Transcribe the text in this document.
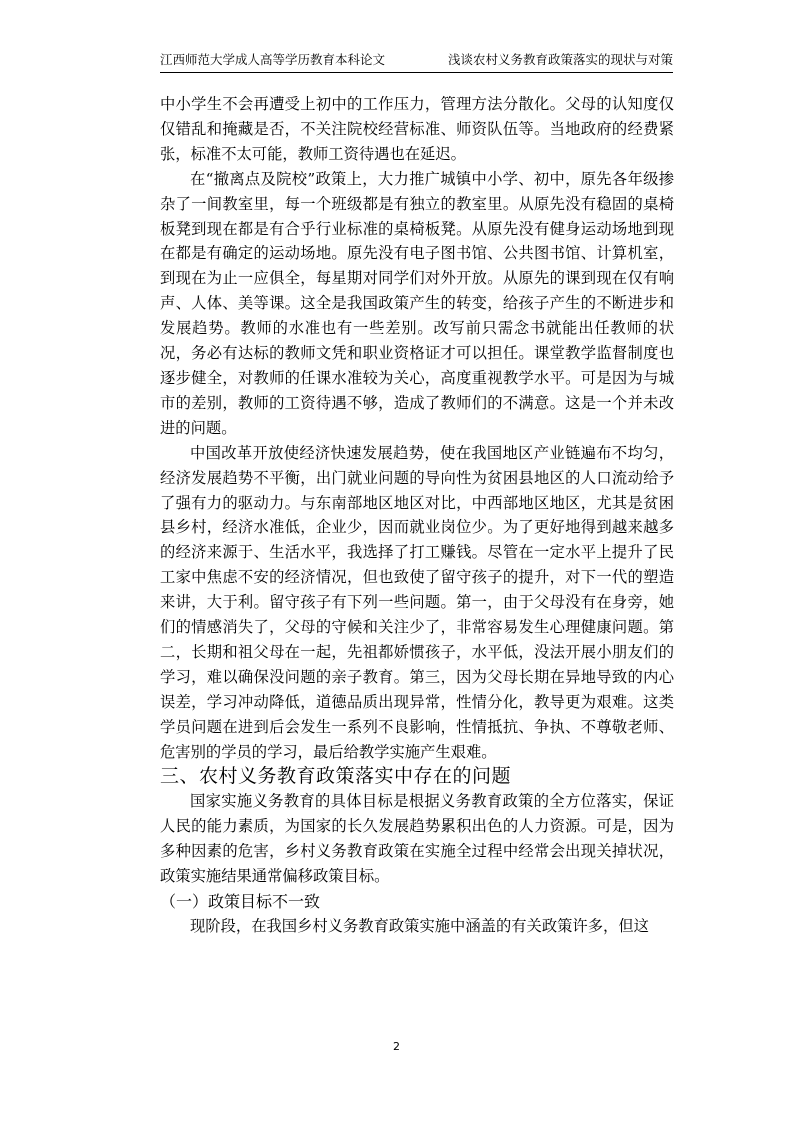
江西师范大学成人高等学历教育本科论文	浅谈农村义务教育政策落实的现状与对策

中小学生不会再遭受上初中的工作压力，管理方法分散化。父母的认知度仅仅错乱和掩藏是否，不关注院校经营标准、师资队伍等。当地政府的经费紧张，标准不太可能，教师工资待遇也在延迟。

在“撤离点及院校”政策上，大力推广城镇中小学、初中，原先各年级掺杂了一间教室里，每一个班级都是有独立的教室里。从原先没有稳固的桌椅板凳到现在都是有合乎行业标准的桌椅板凳。从原先没有健身运动场地到现在都是有确定的运动场地。原先没有电子图书馆、公共图书馆、计算机室，到现在为止一应俱全，每星期对同学们对外开放。从原先的课到现在仅有响声、人体、美等课。这全是我国政策产生的转变，给孩子产生的不断进步和发展趋势。教师的水准也有一些差别。改写前只需念书就能出任教师的状况，务必有达标的教师文凭和职业资格证才可以担任。课堂教学监督制度也逐步健全，对教师的任课水准较为关心，高度重视教学水平。可是因为与城市的差别，教师的工资待遇不够，造成了教师们的不满意。这是一个并未改进的问题。

中国改革开放使经济快速发展趋势，使在我国地区产业链遍布不均匀，经济发展趋势不平衡，出门就业问题的导向性为贫困县地区的人口流动给予了强有力的驱动力。与东南部地区地区对比，中西部地区地区，尤其是贫困县乡村，经济水准低，企业少，因而就业岗位少。为了更好地得到越来越多的经济来源于、生活水平，我选择了打工赚钱。尽管在一定水平上提升了民工家中焦虑不安的经济情况，但也致使了留守孩子的提升，对下一代的塑造来讲，大于利。留守孩子有下列一些问题。第一，由于父母没有在身旁，她们的情感消失了，父母的守候和关注少了，非常容易发生心理健康问题。第二，长期和祖父母在一起，先祖都娇惯孩子，水平低，没法开展小朋友们的学习，难以确保没问题的亲子教育。第三，因为父母长期在异地导致的内心误差，学习冲动降低，道德品质出现异常，性情分化，教导更为艰难。这类学员问题在进到后会发生一系列不良影响，性情抵抗、争执、不尊敬老师、危害别的学员的学习，最后给教学实施产生艰难。

三、农村义务教育政策落实中存在的问题

国家实施义务教育的具体目标是根据义务教育政策的全方位落实，保证人民的能力素质，为国家的长久发展趋势累积出色的人力资源。可是，因为多种因素的危害，乡村义务教育政策在实施全过程中经常会出现关掉状况，政策实施结果通常偏移政策目标。

（一）政策目标不一致

现阶段，在我国乡村义务教育政策实施中涵盖的有关政策许多，但这

2
